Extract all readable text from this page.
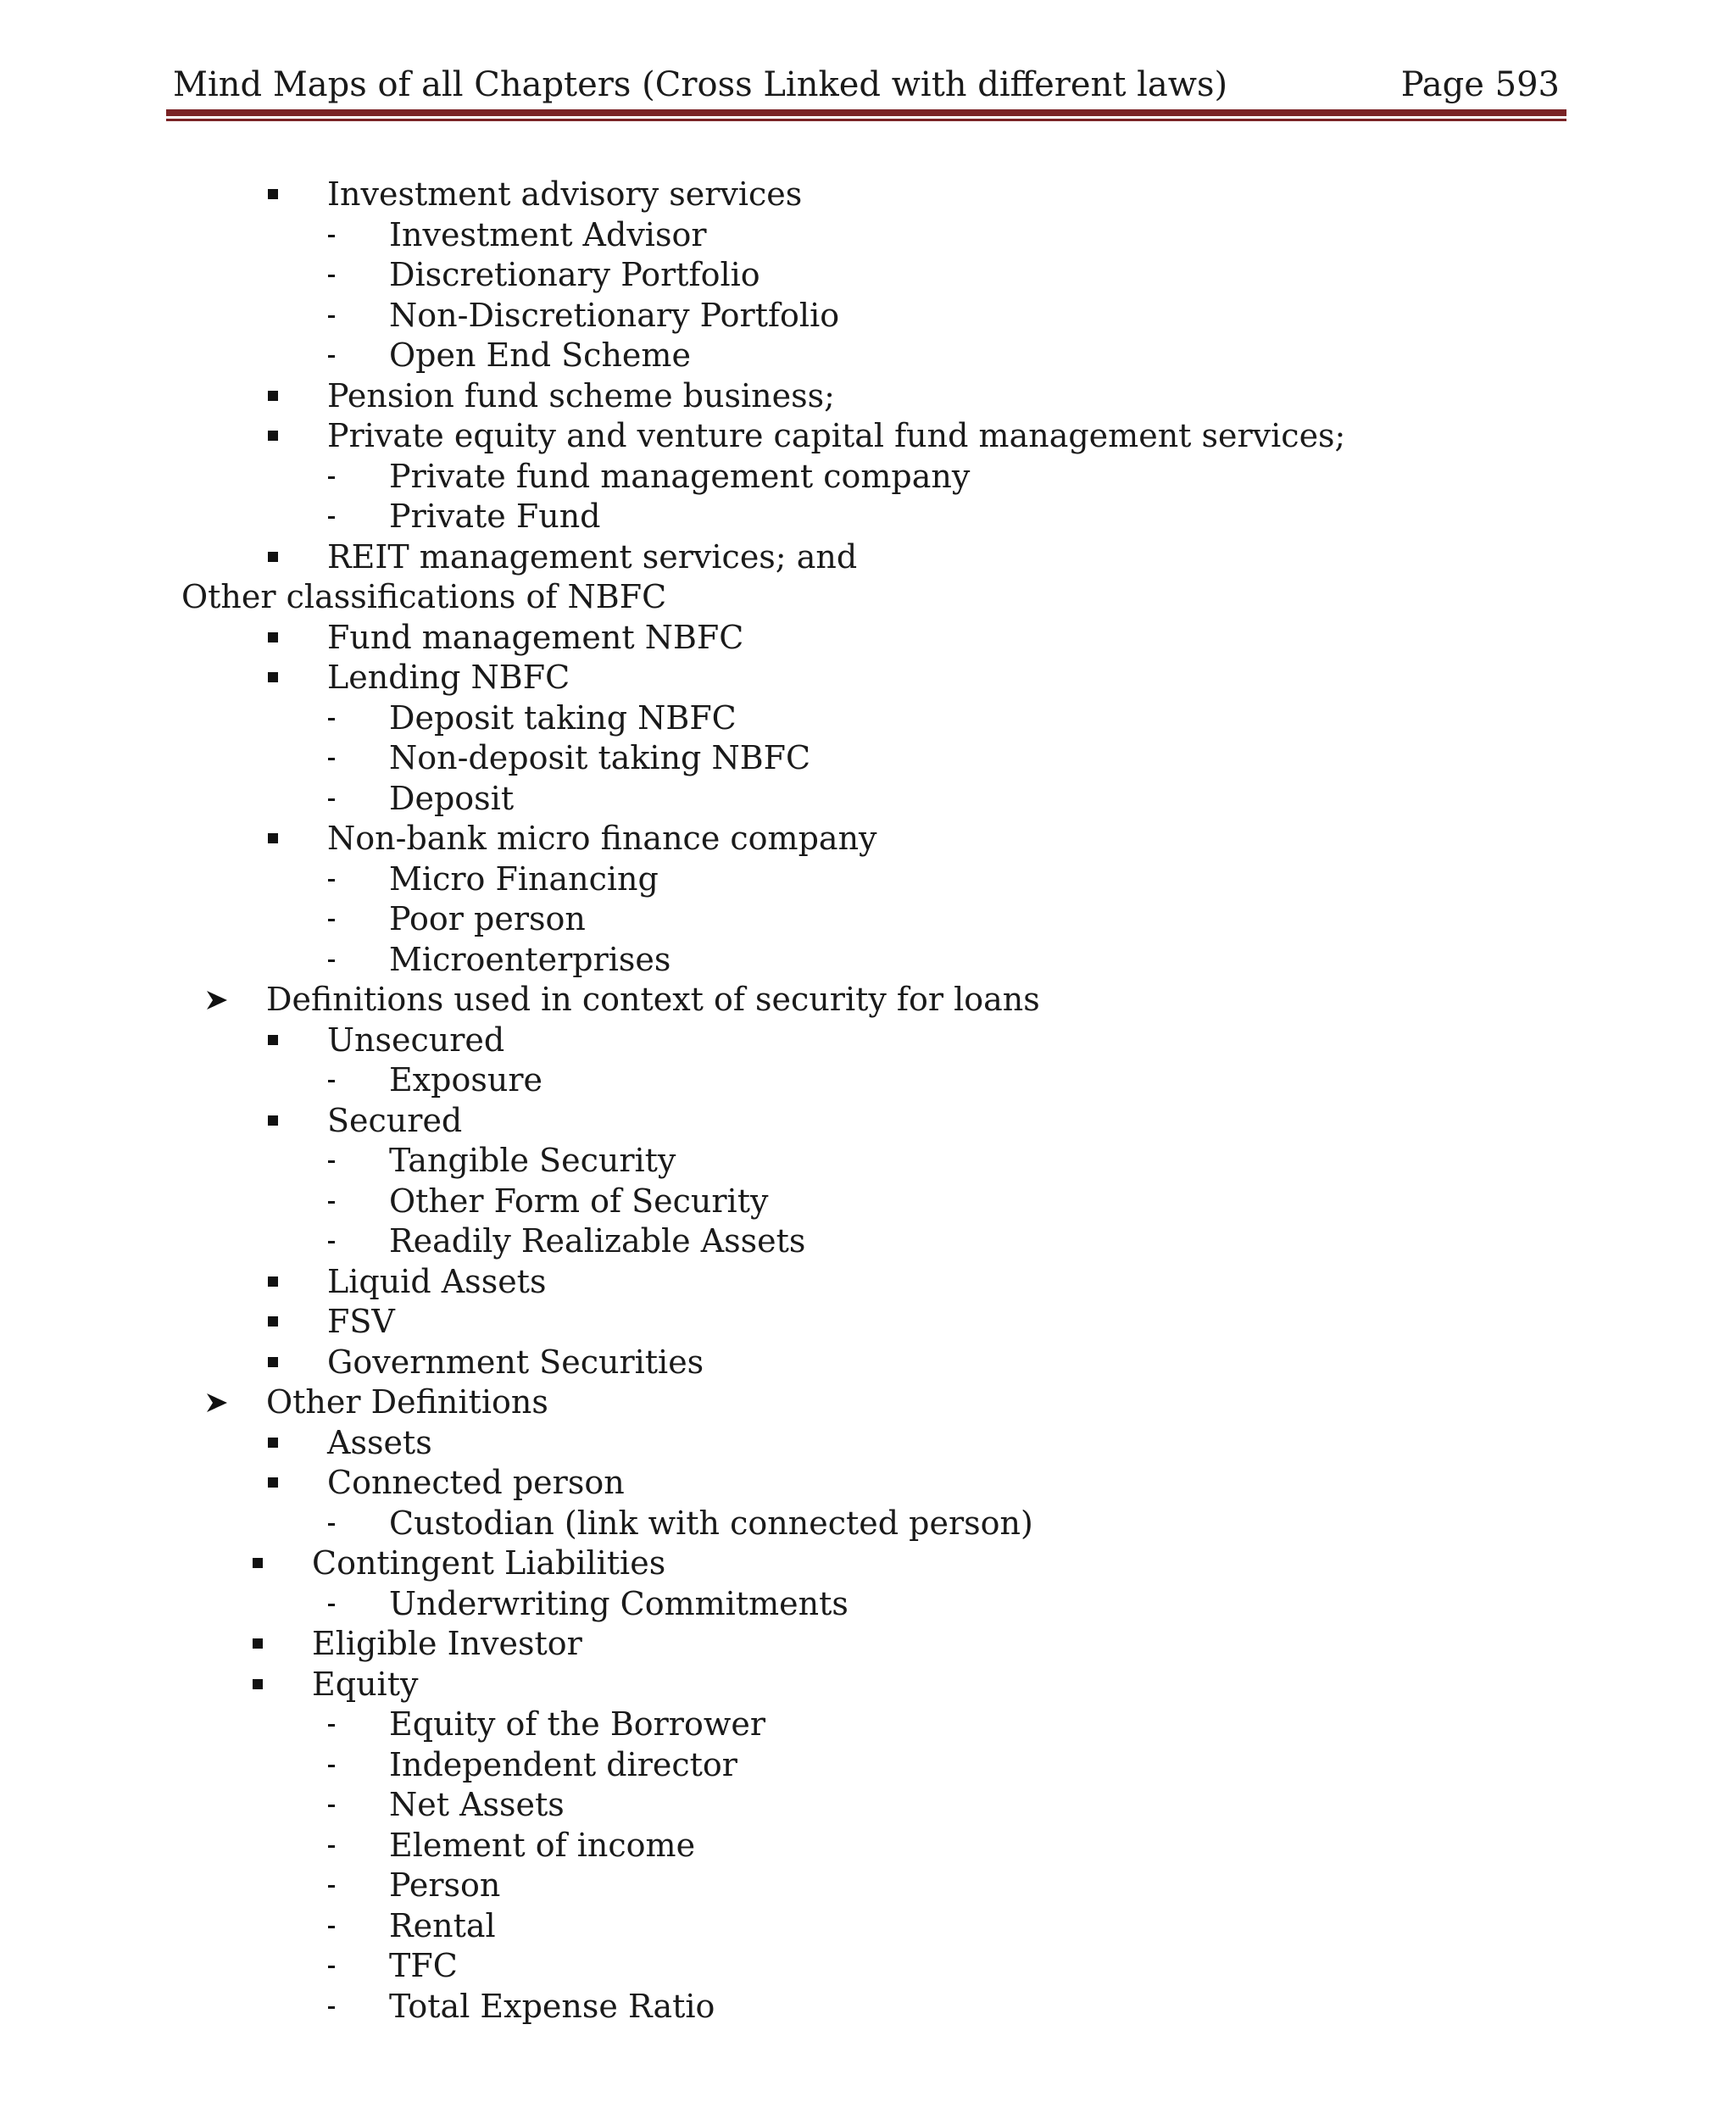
Mind Maps of all Chapters (Cross Linked with different laws)	Page 593
Investment advisory services
Investment Advisor
Discretionary Portfolio
Non-Discretionary Portfolio
Open End Scheme
Pension fund scheme business;
Private equity and venture capital fund management services;
Private fund management company
Private Fund
REIT management services; and
Other classifications of NBFC
Fund management NBFC
Lending NBFC
Deposit taking NBFC
Non-deposit taking NBFC
Deposit
Non-bank micro finance company
Micro Financing
Poor person
Microenterprises
Definitions used in context of security for loans
Unsecured
Exposure
Secured
Tangible Security
Other Form of Security
Readily Realizable Assets
Liquid Assets
FSV
Government Securities
Other Definitions
Assets
Connected person
Custodian (link with connected person)
Contingent Liabilities
Underwriting Commitments
Eligible Investor
Equity
Equity of the Borrower
Independent director
Net Assets
Element of income
Person
Rental
TFC
Total Expense Ratio
